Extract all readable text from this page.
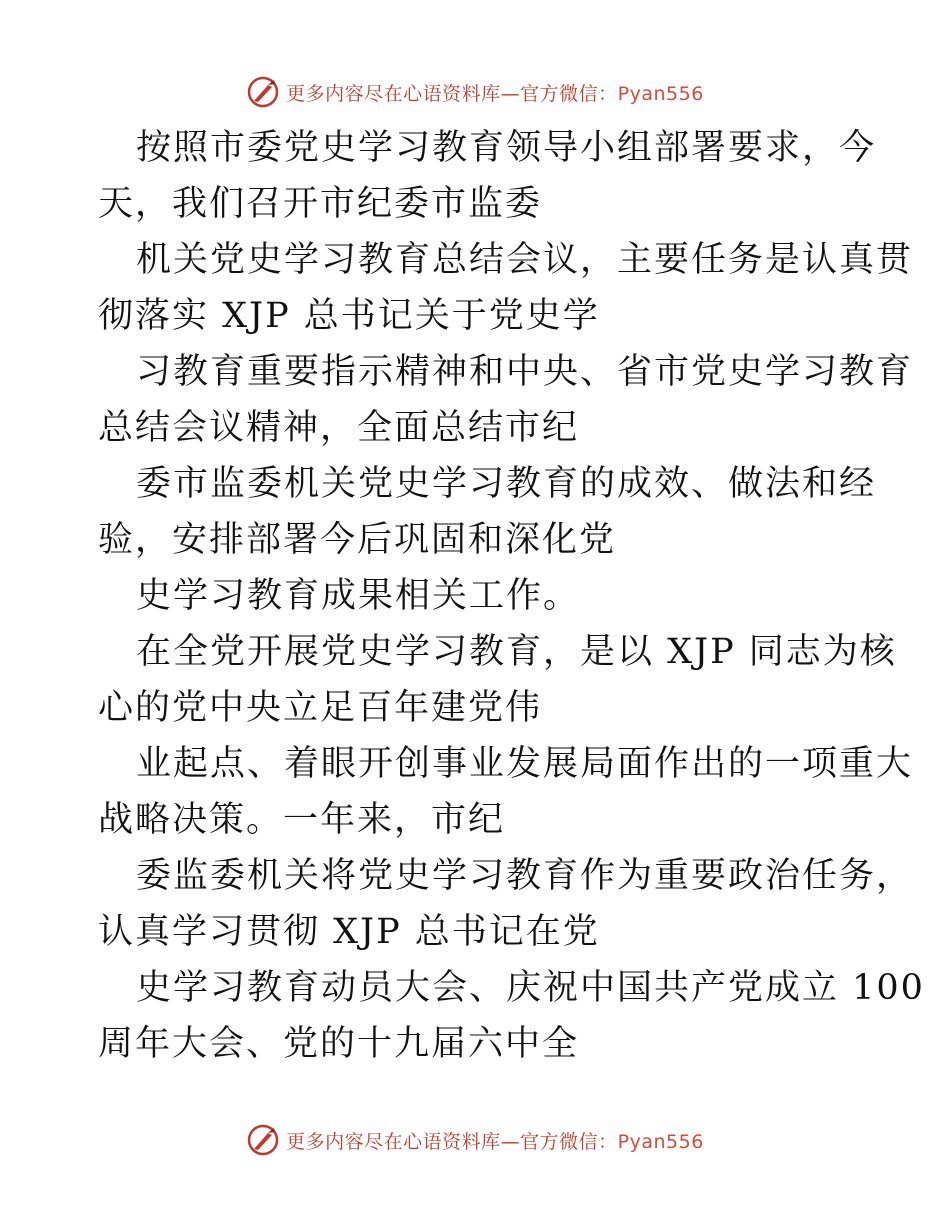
更多内容尽在心语资料库—官方微信：Pyan556
按照市委党史学习教育领导小组部署要求，今
天，我们召开市纪委市监委
机关党史学习教育总结会议，主要任务是认真贯
彻落实 XJP 总书记关于党史学
习教育重要指示精神和中央、省市党史学习教育
总结会议精神，全面总结市纪
委市监委机关党史学习教育的成效、做法和经
验，安排部署今后巩固和深化党
史学习教育成果相关工作。
在全党开展党史学习教育，是以 XJP 同志为核
心的党中央立足百年建党伟
业起点、着眼开创事业发展局面作出的一项重大
战略决策。一年来，市纪
委监委机关将党史学习教育作为重要政治任务，
认真学习贯彻 XJP 总书记在党
史学习教育动员大会、庆祝中国共产党成立 100
周年大会、党的十九届六中全
更多内容尽在心语资料库—官方微信：Pyan556
